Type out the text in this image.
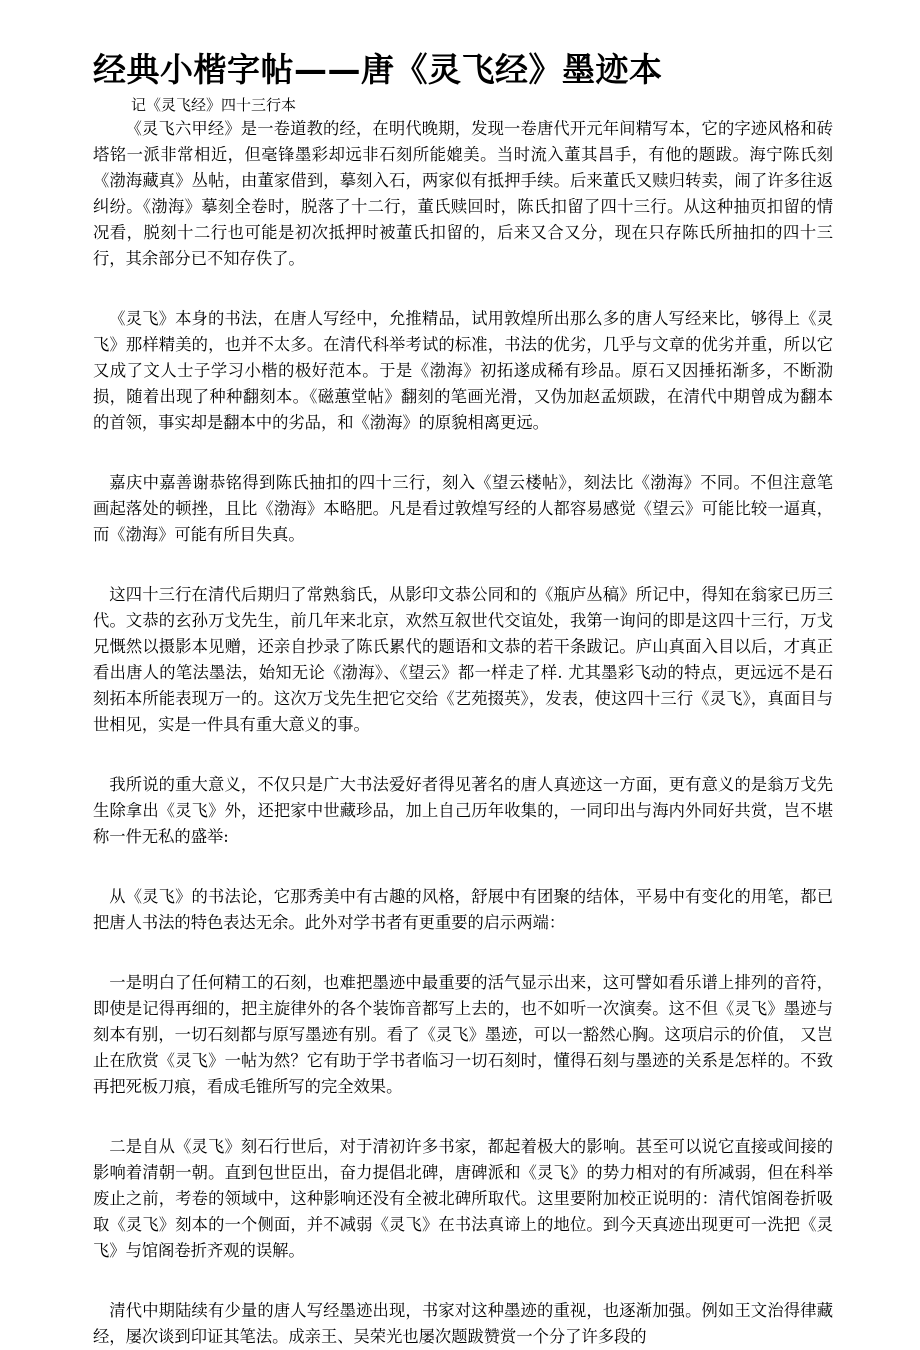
经典小楷字帖——唐《灵飞经》墨迹本
记《灵飞经》四十三行本

《灵飞六甲经》是一卷道教的经，在明代晚期，发现一卷唐代开元年间精写本，它的字迹风格和砖塔铭一派非常相近，但毫锋墨彩却远非石刻所能媲美。当时流入董其昌手，有他的题跋。海宁陈氏刻 《渤海藏真》丛帖，由董家借到，摹刻入石，两家似有抵押手续。后来董氏又赎归转卖，闹了许多往返纠纷。《渤海》摹刻全卷时，脱落了十二行，董氏赎回时，陈氏扣留了四十三行。从这种抽页扣留的情况看，脱刻十二行也可能是初次抵押时被董氏扣留的，后来又合又分，现在只存陈氏所抽扣的四十三行，其余部分已不知存佚了。

《灵飞》本身的书法，在唐人写经中，允推精品，试用敦煌所出那么多的唐人写经来比，够得上《灵飞》那样精美的，也并不太多。在清代科举考试的标准，书法的优劣，几乎与文章的优劣并重，所以它又成了文人士子学习小楷的极好范本。于是《渤海》初拓遂成稀有珍品。原石又因捶拓渐多，不断泐损，随着出现了种种翻刻本。《磁蕙堂帖》翻刻的笔画光滑，又伪加赵孟烦跋，在清代中期曾成为翻本的首领，事实却是翻本中的劣品，和《渤海》的原貌相离更远。

嘉庆中嘉善谢恭铭得到陈氏抽扣的四十三行，刻入《望云楼帖》，刻法比《渤海》不同。不但注意笔画起落处的顿挫，且比《渤海》本略肥。凡是看过敦煌写经的人都容易感觉《望云》可能比较一逼真，而《渤海》可能有所目失真。

这四十三行在清代后期归了常熟翁氏，从影印文恭公同和的《瓶庐丛稿》所记中，得知在翁家已历三代。文恭的玄孙万戈先生，前几年来北京，欢然互叙世代交谊处，我第一询问的即是这四十三行，万戈兄慨然以摄影本见赠，还亲自抄录了陈氏累代的题语和文恭的若干条跋记。庐山真面入目以后，才真正看出唐人的笔法墨法，始知无论《渤海》、《望云》都一样走了样. 尤其墨彩飞动的特点，更远远不是石刻拓本所能表现万一的。这次万戈先生把它交给《艺苑掇英》，发表，使这四十三行《灵飞》，真面目与世相见，实是一件具有重大意义的事。

我所说的重大意义，不仅只是广大书法爱好者得见著名的唐人真迹这一方面，更有意义的是翁万戈先生除拿出《灵飞》外，还把家中世藏珍品，加上自己历年收集的，一同印出与海内外同好共赏，岂不堪称一件无私的盛举:

从《灵飞》的书法论，它那秀美中有古趣的风格，舒展中有团聚的结体，平易中有变化的用笔，都已把唐人书法的特色表达无余。此外对学书者有更重要的启示两端：

一是明白了任何精工的石刻，也难把墨迹中最重要的活气显示出来，这可譬如看乐谱上排列的音符，即使是记得再细的，把主旋律外的各个装饰音都写上去的，也不如听一次演奏。这不但《灵飞》墨迹与刻本有别，一切石刻都与原写墨迹有别。看了《灵飞》墨迹，可以一豁然心胸。这项启示的价值， 又岂止在欣赏《灵飞》一帖为然？它有助于学书者临习一切石刻时，懂得石刻与墨迹的关系是怎样的。不致再把死板刀痕，看成毛锥所写的完全效果。

二是自从《灵飞》刻石行世后，对于清初许多书家，都起着极大的影响。甚至可以说它直接或间接的影响着清朝一朝。直到包世臣出，奋力提倡北碑，唐碑派和《灵飞》的势力相对的有所减弱，但在科举废止之前，考卷的领域中，这种影响还没有全被北碑所取代。这里要附加校正说明的：清代馆阁卷折吸取《灵飞》刻本的一个侧面，并不减弱《灵飞》在书法真谛上的地位。到今天真迹出现更可一洗把《灵飞》与馆阁卷折齐观的误解。

清代中期陆续有少量的唐人写经墨迹出现，书家对这种墨迹的重视，也逐渐加强。例如王文治得律藏经，屡次谈到印证其笔法。成亲王、吴荣光也屡次题跋赞赏一个分了许多段的
